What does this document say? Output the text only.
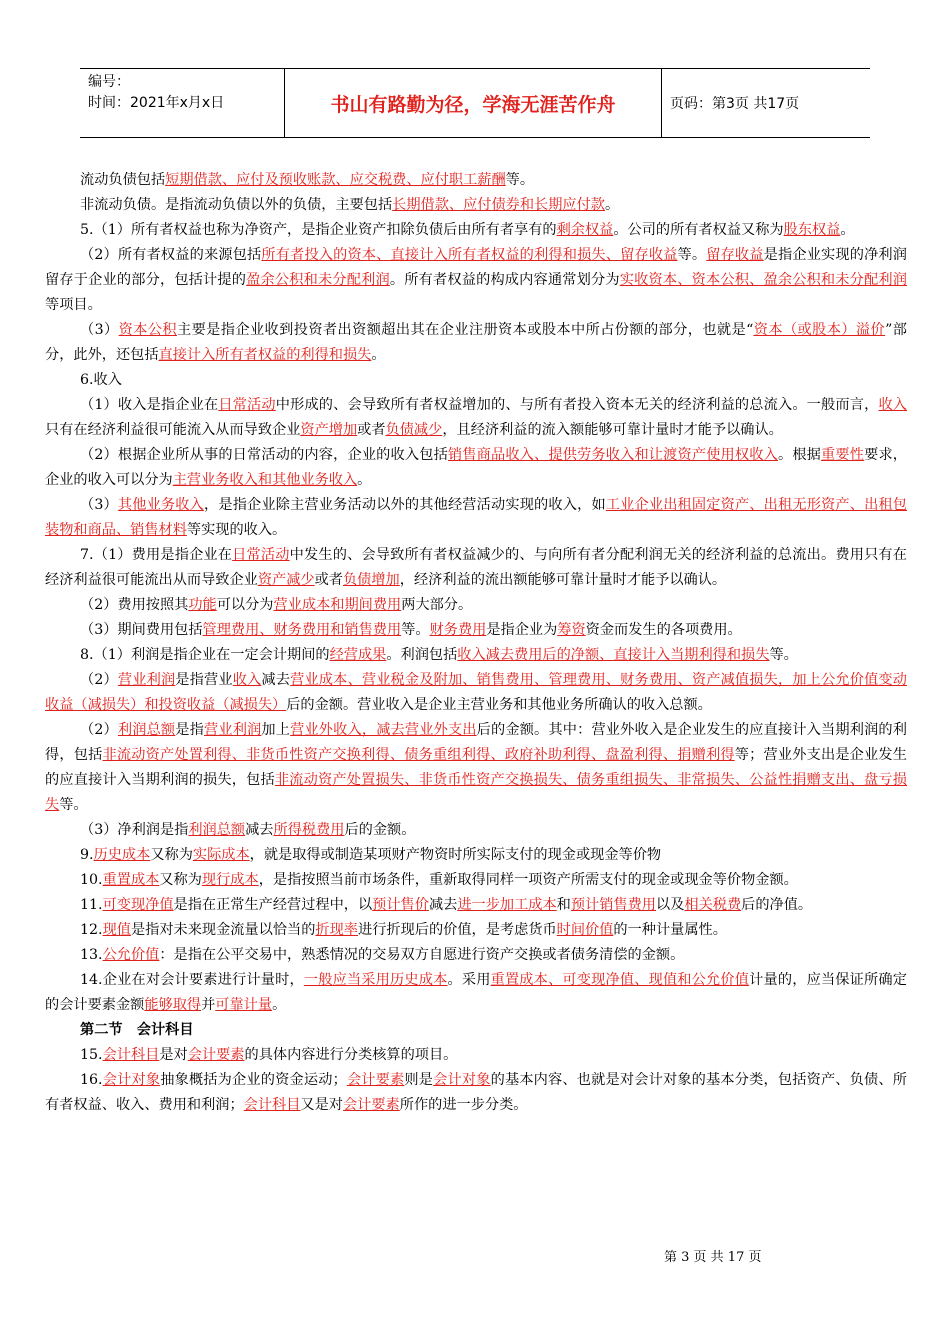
编号：
时间：2021年x月x日	书山有路勤为径，学海无涯苦作舟	页码：第3页 共17页

流动负债包括短期借款、应付及预收账款、应交税费、应付职工薪酬等。

非流动负债。是指流动负债以外的负债，主要包括长期借款、应付债券和长期应付款。

5.（1）所有者权益也称为净资产，是指企业资产扣除负债后由所有者享有的剩余权益。公司的所有者权益又称为股东权益。

（2）所有者权益的来源包括所有者投入的资本、直接计入所有者权益的利得和损失、留存收益等。留存收益是指企业实现的净利润留存于企业的部分，包括计提的盈余公积和未分配利润。所有者权益的构成内容通常划分为实收资本、资本公积、盈余公积和未分配利润等项目。

（3）资本公积主要是指企业收到投资者出资额超出其在企业注册资本或股本中所占份额的部分，也就是“资本（或股本）溢价”部分，此外，还包括直接计入所有者权益的利得和损失。

6.收入

（1）收入是指企业在日常活动中形成的、会导致所有者权益增加的、与所有者投入资本无关的经济利益的总流入。一般而言，收入只有在经济利益很可能流入从而导致企业资产增加或者负债减少，且经济利益的流入额能够可靠计量时才能予以确认。

（2）根据企业所从事的日常活动的内容，企业的收入包括销售商品收入、提供劳务收入和让渡资产使用权收入。根据重要性要求，企业的收入可以分为主营业务收入和其他业务收入。

（3）其他业务收入，是指企业除主营业务活动以外的其他经营活动实现的收入，如工业企业出租固定资产、出租无形资产、出租包装物和商品、销售材料等实现的收入。

7.（1）费用是指企业在日常活动中发生的、会导致所有者权益减少的、与向所有者分配利润无关的经济利益的总流出。费用只有在经济利益很可能流出从而导致企业资产减少或者负债增加，经济利益的流出额能够可靠计量时才能予以确认。

（2）费用按照其功能可以分为营业成本和期间费用两大部分。

（3）期间费用包括管理费用、财务费用和销售费用等。财务费用是指企业为筹资资金而发生的各项费用。

8.（1）利润是指企业在一定会计期间的经营成果。利润包括收入减去费用后的净额、直接计入当期利得和损失等。

（2）营业利润是指营业收入减去营业成本、营业税金及附加、销售费用、管理费用、财务费用、资产减值损失，加上公允价值变动收益（减损失）和投资收益（减损失）后的金额。营业收入是企业主营业务和其他业务所确认的收入总额。

（2）利润总额是指营业利润加上营业外收入，减去营业外支出后的金额。其中：营业外收入是企业发生的应直接计入当期利润的利得，包括非流动资产处置利得、非货币性资产交换利得、债务重组利得、政府补助利得、盘盈利得、捐赠利得等；营业外支出是企业发生的应直接计入当期利润的损失，包括非流动资产处置损失、非货币性资产交换损失、债务重组损失、非常损失、公益性捐赠支出、盘亏损失等。

（3）净利润是指利润总额减去所得税费用后的金额。

9.历史成本又称为实际成本，就是取得或制造某项财产物资时所实际支付的现金或现金等价物

10.重置成本又称为现行成本，是指按照当前市场条件，重新取得同样一项资产所需支付的现金或现金等价物金额。

11.可变现净值是指在正常生产经营过程中，以预计售价减去进一步加工成本和预计销售费用以及相关税费后的净值。

12.现值是指对未来现金流量以恰当的折现率进行折现后的价值，是考虑货币时间价值的一种计量属性。

13.公允价值：是指在公平交易中，熟悉情况的交易双方自愿进行资产交换或者债务清偿的金额。

14.企业在对会计要素进行计量时，一般应当采用历史成本。采用重置成本、可变现净值、现值和公允价值计量的，应当保证所确定的会计要素金额能够取得并可靠计量。

第二节　会计科目

15.会计科目是对会计要素的具体内容进行分类核算的项目。

16.会计对象抽象概括为企业的资金运动；会计要素则是会计对象的基本内容、也就是对会计对象的基本分类，包括资产、负债、所有者权益、收入、费用和利润；会计科目又是对会计要素所作的进一步分类。

第 3 页 共 17 页
